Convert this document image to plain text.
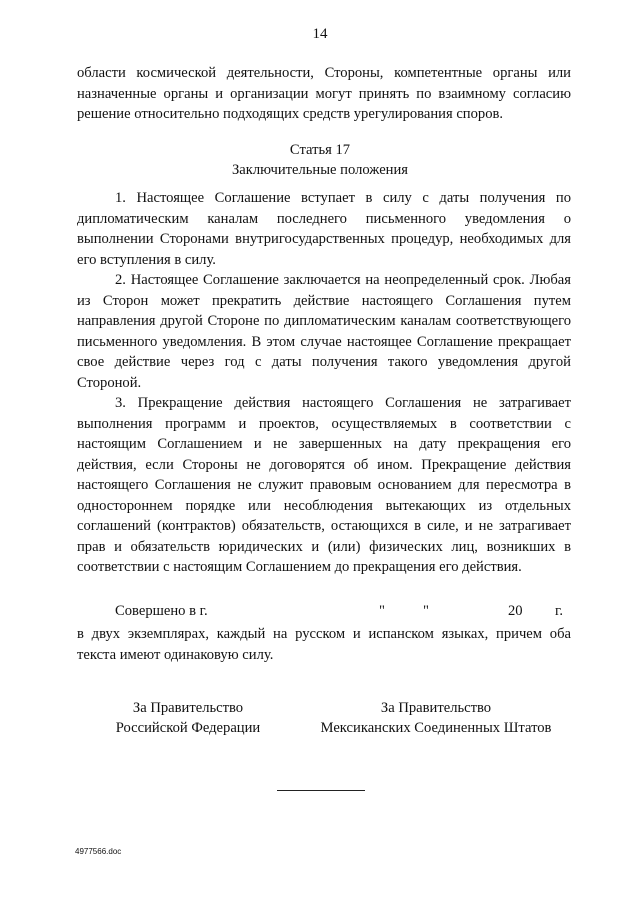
14
области космической деятельности, Стороны, компетентные органы или назначенные органы и организации могут принять по взаимному согласию решение относительно подходящих средств урегулирования споров.
Статья 17
Заключительные положения

1. Настоящее Соглашение вступает в силу с даты получения по дипломатическим каналам последнего письменного уведомления о выполнении Сторонами внутригосударственных процедур, необходимых для его вступления в силу.

2. Настоящее Соглашение заключается на неопределенный срок. Любая из Сторон может прекратить действие настоящего Соглашения путем направления другой Стороне по дипломатическим каналам соответствующего письменного уведомления. В этом случае настоящее Соглашение прекращает свое действие через год с даты получения такого уведомления другой Стороной.

3. Прекращение действия настоящего Соглашения не затрагивает выполнения программ и проектов, осуществляемых в соответствии с настоящим Соглашением и не завершенных на дату прекращения его действия, если Стороны не договорятся об ином. Прекращение действия настоящего Соглашения не служит правовым основанием для пересмотра в одностороннем порядке или несоблюдения вытекающих из отдельных соглашений (контрактов) обязательств, остающихся в силе, и не затрагивает прав и обязательств юридических и (или) физических лиц, возникших в соответствии с настоящим Соглашением до прекращения его действия.

Совершено в г.	"	"	20 г.
в двух экземплярах, каждый на русском и испанском языках, причем оба текста имеют одинаковую силу.
За Правительство
Российской Федерации
За Правительство
Мексиканских Соединенных Штатов
4977566.doc
